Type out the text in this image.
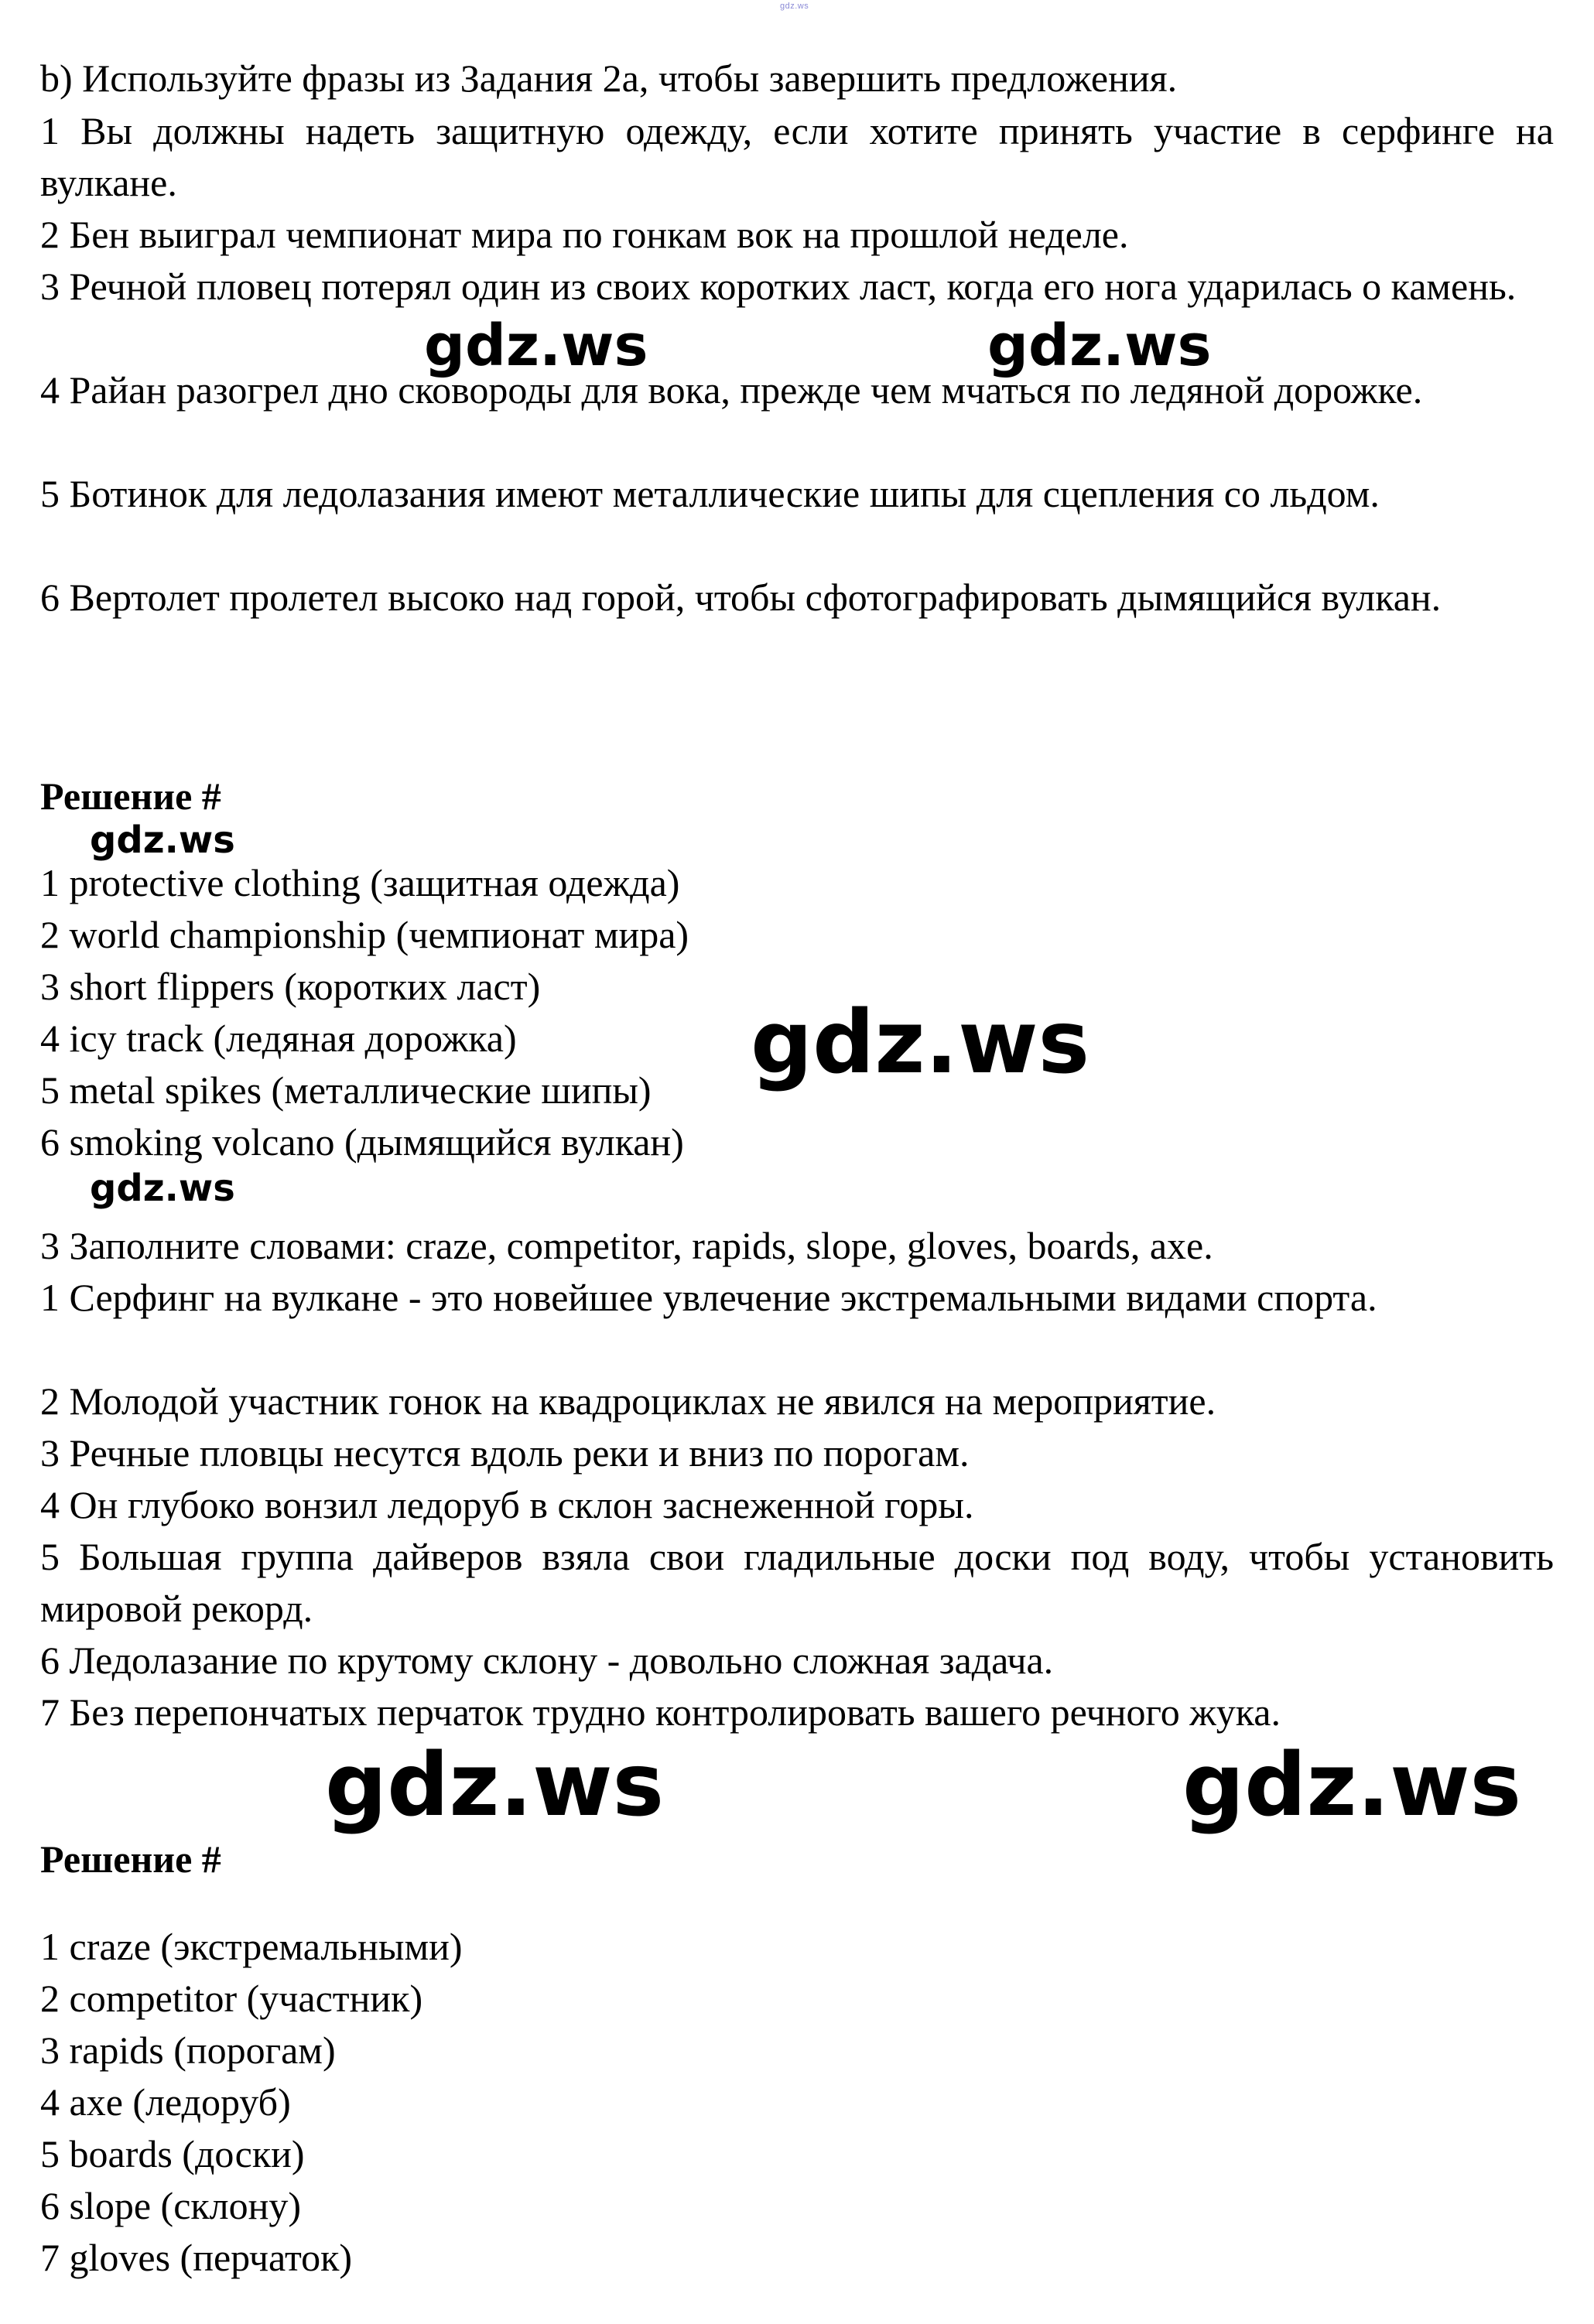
gdz.ws

b) Используйте фразы из Задания 2а, чтобы завершить предложения.

1 Вы должны надеть защитную одежду, если хотите принять участие в серфинге на вулкане.

2 Бен выиграл чемпионат мира по гонкам вок на прошлой неделе.

3 Речной пловец потерял один из своих коротких ласт, когда его нога ударилась о камень.

4 Райан разогрел дно сковороды для вока, прежде чем мчаться по ледяной дорожке.

5 Ботинок для ледолазания имеют металлические шипы для сцепления со льдом.

6 Вертолет пролетел высоко над горой, чтобы сфотографировать дымящийся вулкан.

Решение #

1 protective clothing (защитная одежда)

2 world championship (чемпионат мира)

3 short flippers (коротких ласт)

4 icy track (ледяная дорожка)

5 metal spikes (металлические шипы)

6 smoking volcano (дымящийся вулкан)

3 Заполните словами: craze, competitor, rapids, slope, gloves, boards, axe.

1 Серфинг на вулкане - это новейшее увлечение экстремальными видами спорта.

2 Молодой участник гонок на квадроциклах не явился на мероприятие.

3 Речные пловцы несутся вдоль реки и вниз по порогам.

4 Он глубоко вонзил ледоруб в склон заснеженной горы.

5 Большая группа дайверов взяла свои гладильные доски под воду, чтобы установить мировой рекорд.

6 Ледолазание по крутому склону - довольно сложная задача.

7 Без перепончатых перчаток трудно контролировать вашего речного жука.

Решение #

1 craze (экстремальными)

2 competitor (участник)

3 rapids (порогам)

4 axe (ледоруб)

5 boards (доски)

6 slope (склону)

7 gloves (перчаток)

gdz.ws	gdz.ws
gdz.ws
gdz.ws
gdz.ws
gdz.ws	gdz.ws
